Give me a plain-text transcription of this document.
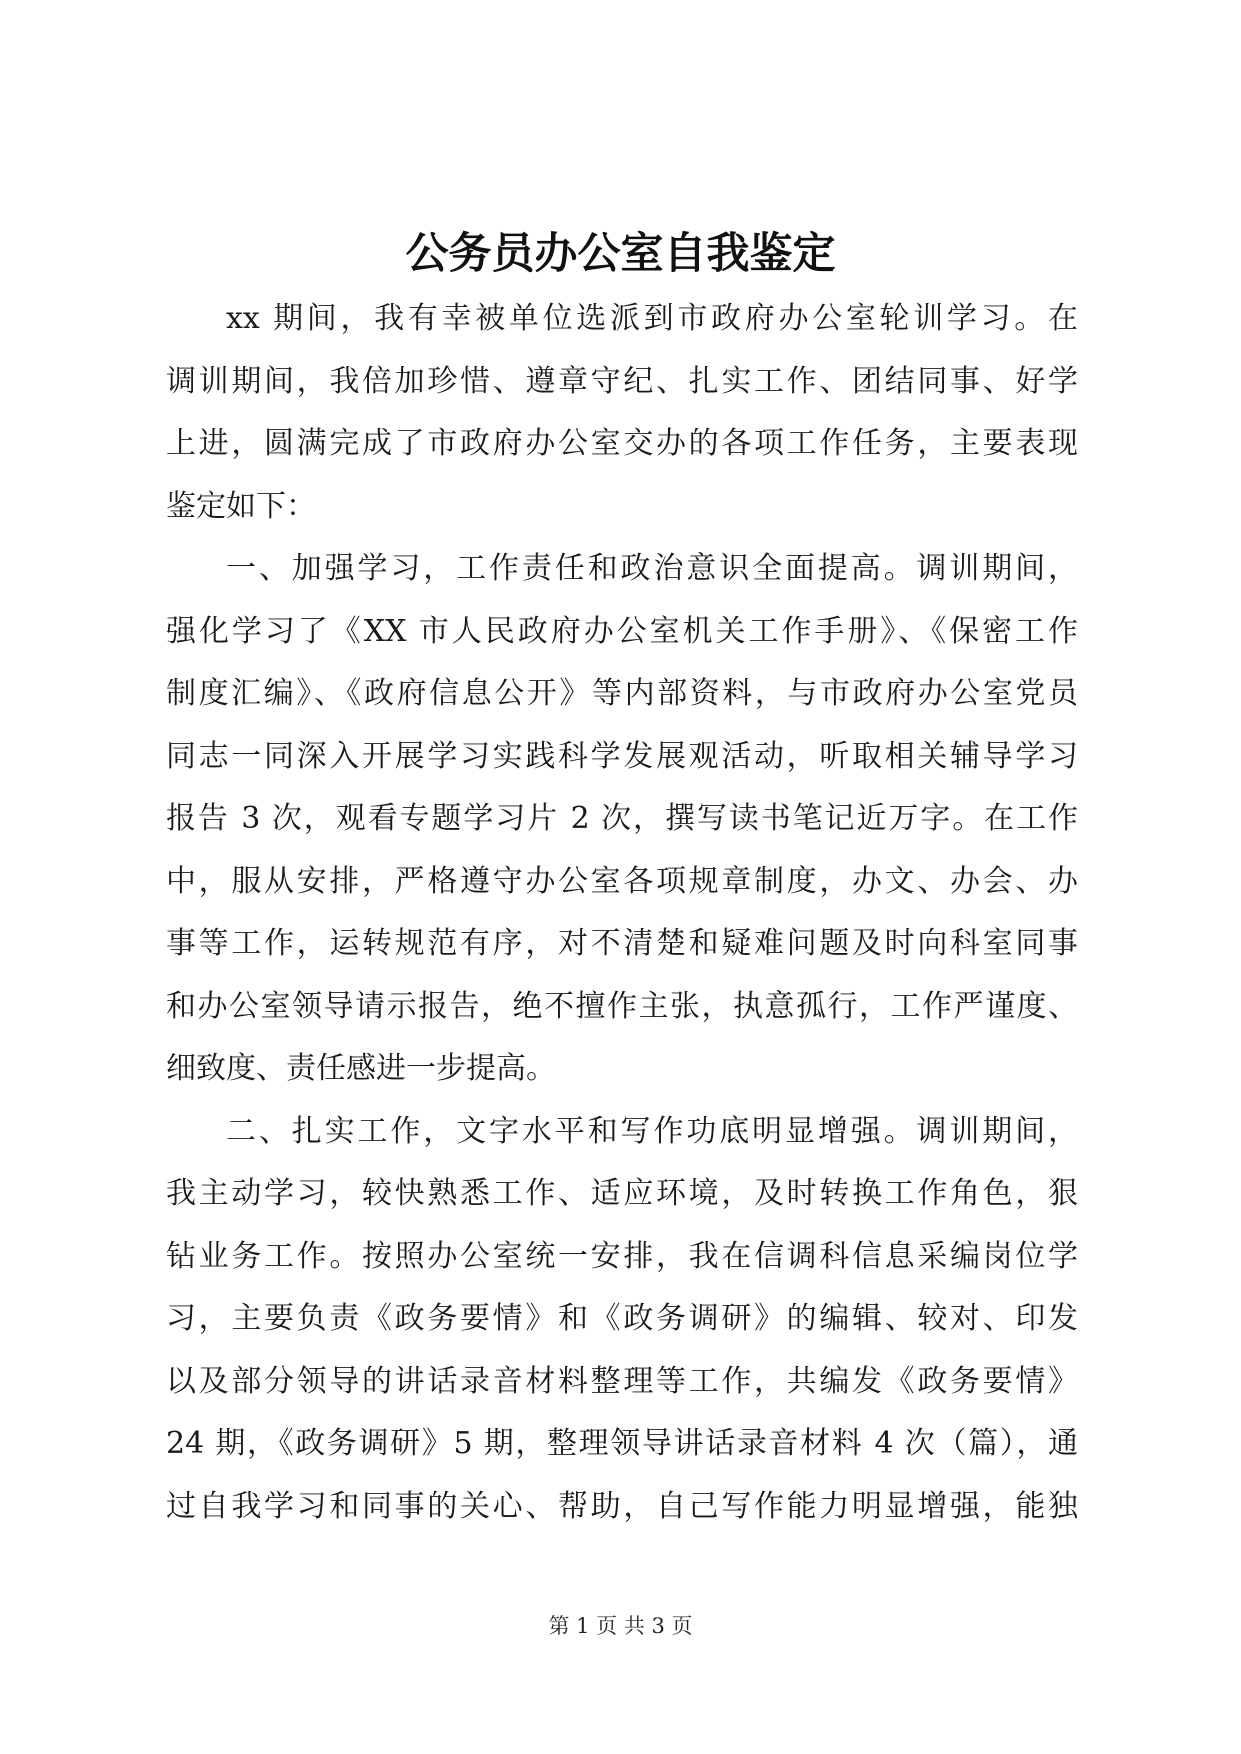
公务员办公室自我鉴定
xx 期间，我有幸被单位选派到市政府办公室轮训学习。在
调训期间，我倍加珍惜、遵章守纪、扎实工作、团结同事、好学
上进，圆满完成了市政府办公室交办的各项工作任务，主要表现
鉴定如下：
一、加强学习，工作责任和政治意识全面提高。调训期间，
强化学习了《XX 市人民政府办公室机关工作手册》、《保密工作
制度汇编》、《政府信息公开》等内部资料，与市政府办公室党员
同志一同深入开展学习实践科学发展观活动，听取相关辅导学习
报告 3 次，观看专题学习片 2 次，撰写读书笔记近万字。在工作
中，服从安排，严格遵守办公室各项规章制度，办文、办会、办
事等工作，运转规范有序，对不清楚和疑难问题及时向科室同事
和办公室领导请示报告，绝不擅作主张，执意孤行，工作严谨度、
细致度、责任感进一步提高。
二、扎实工作，文字水平和写作功底明显增强。调训期间，
我主动学习，较快熟悉工作、适应环境，及时转换工作角色，狠
钻业务工作。按照办公室统一安排，我在信调科信息采编岗位学
习，主要负责《政务要情》和《政务调研》的编辑、较对、印发
以及部分领导的讲话录音材料整理等工作，共编发《政务要情》
24 期，《政务调研》5 期，整理领导讲话录音材料 4 次（篇），通
过自我学习和同事的关心、帮助，自己写作能力明显增强，能独
第 1 页 共 3 页
